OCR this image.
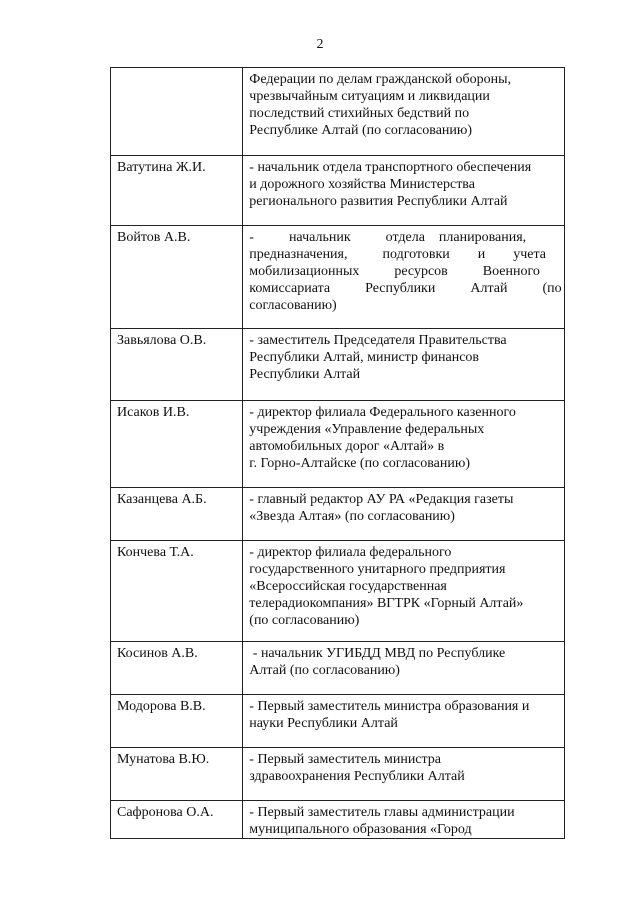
2

	Федерации по делам гражданской обороны,
чрезвычайным ситуациям и ликвидации
последствий стихийных бедствий по
Республике Алтай (по согласованию)

Ватутина Ж.И.	- начальник отдела транспортного обеспечения
и дорожного хозяйства Министерства
регионального развития Республики Алтай

Войтов А.В.	-          начальник          отдела    планирования,
предназначения,          подготовки        и        учета
мобилизационных          ресурсов          Военного
комиссариата          Республики          Алтай          (по
согласованию)

Завьялова О.В.	- заместитель Председателя Правительства
Республики Алтай, министр финансов
Республики Алтай

Исаков И.В.	- директор филиала Федерального казенного
учреждения «Управление федеральных
автомобильных дорог «Алтай» в
г. Горно-Алтайске (по согласованию)

Казанцева А.Б.	- главный редактор АУ РА «Редакция газеты
«Звезда Алтая» (по согласованию)

Кончева Т.А.	- директор филиала федерального
государственного унитарного предприятия
«Всероссийская государственная
телерадиокомпания» ВГТРК «Горный Алтай»
(по согласованию)

Косинов А.В.	- начальник УГИБДД МВД по Республике
Алтай (по согласованию)

Модорова В.В.	- Первый заместитель министра образования и
науки Республики Алтай

Мунатова В.Ю.	- Первый заместитель министра
здравоохранения Республики Алтай

Сафронова О.А.	- Первый заместитель главы администрации
муниципального образования «Город
